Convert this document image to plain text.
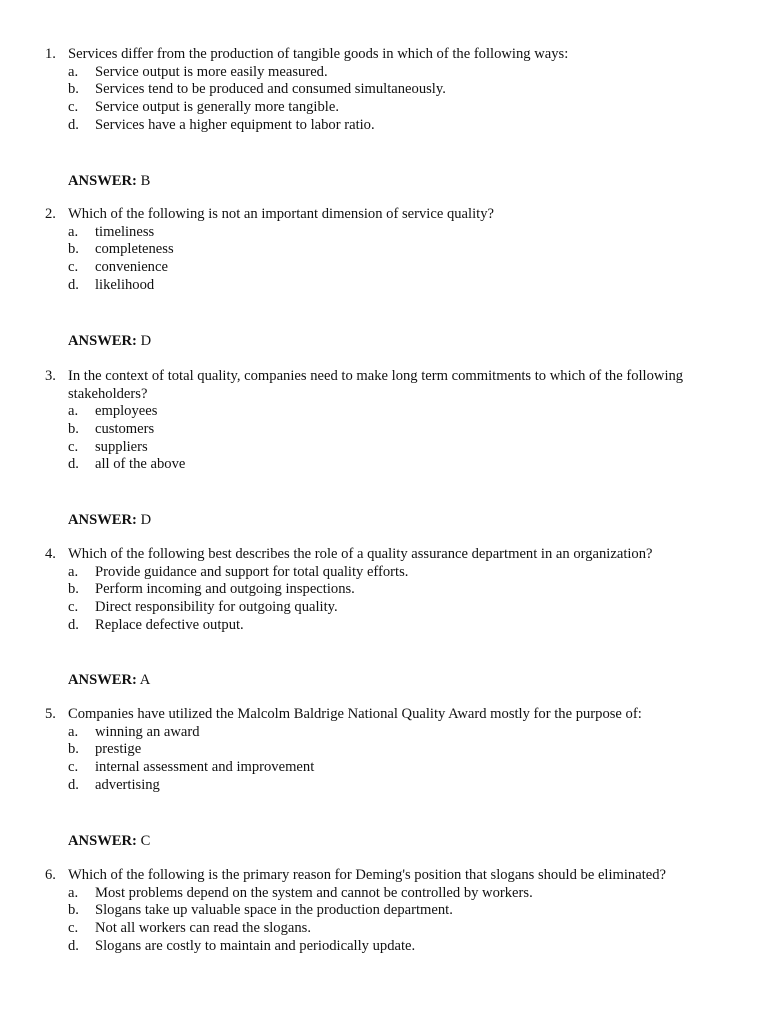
1. Services differ from the production of tangible goods in which of the following ways:
a. Service output is more easily measured.
b. Services tend to be produced and consumed simultaneously.
c. Service output is generally more tangible.
d. Services have a higher equipment to labor ratio.
ANSWER: B
2. Which of the following is not an important dimension of service quality?
a. timeliness
b. completeness
c. convenience
d. likelihood
ANSWER: D
3. In the context of total quality, companies need to make long term commitments to which of the following stakeholders?
a. employees
b. customers
c. suppliers
d. all of the above
ANSWER: D
4. Which of the following best describes the role of a quality assurance department in an organization?
a. Provide guidance and support for total quality efforts.
b. Perform incoming and outgoing inspections.
c. Direct responsibility for outgoing quality.
d. Replace defective output.
ANSWER: A
5. Companies have utilized the Malcolm Baldrige National Quality Award mostly for the purpose of:
a. winning an award
b. prestige
c. internal assessment and improvement
d. advertising
ANSWER: C
6. Which of the following is the primary reason for Deming's position that slogans should be eliminated?
a. Most problems depend on the system and cannot be controlled by workers.
b. Slogans take up valuable space in the production department.
c. Not all workers can read the slogans.
d. Slogans are costly to maintain and periodically update.
